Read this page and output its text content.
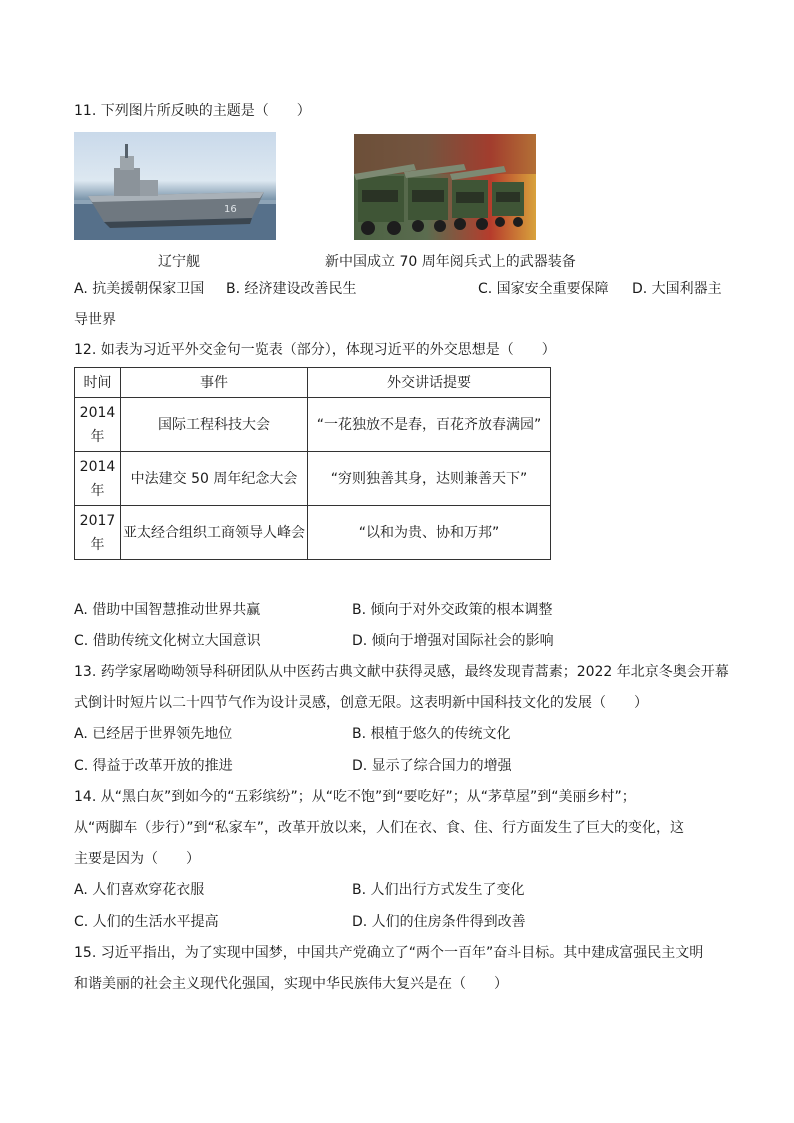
11. 下列图片所反映的主题是（　　）
16
辽宁舰	新中国成立 70 周年阅兵式上的武器装备
A. 抗美援朝保家卫国 B. 经济建设改善民生	C. 国家安全重要保障 D. 大国利器主
导世界
12. 如表为习近平外交金句一览表（部分），体现习近平的外交思想是（　　）
时间	事件	外交讲话提要
2014
年	国际工程科技大会	“一花独放不是春，百花齐放春满园”
2014
年	中法建交 50 周年纪念大会	“穷则独善其身，达则兼善天下”
2017
年	亚太经合组织工商领导人峰会	“以和为贵、协和万邦”
A. 借助中国智慧推动世界共赢	B. 倾向于对外交政策的根本调整
C. 借助传统文化树立大国意识	D. 倾向于增强对国际社会的影响
13. 药学家屠呦呦领导科研团队从中医药古典文献中获得灵感，最终发现青蒿素；2022 年北京冬奥会开幕
式倒计时短片以二十四节气作为设计灵感，创意无限。这表明新中国科技文化的发展（　　）
A. 已经居于世界领先地位	B. 根植于悠久的传统文化
C. 得益于改革开放的推进	D. 显示了综合国力的增强
14. 从“黑白灰”到如今的“五彩缤纷”；从“吃不饱”到“要吃好”；从“茅草屋”到“美丽乡村”；
从“两脚车（步行）”到“私家车”，改革开放以来，人们在衣、食、住、行方面发生了巨大的变化，这
主要是因为（　　）
A. 人们喜欢穿花衣服	B. 人们出行方式发生了变化
C. 人们的生活水平提高	D. 人们的住房条件得到改善
15. 习近平指出，为了实现中国梦，中国共产党确立了“两个一百年”奋斗目标。其中建成富强民主文明
和谐美丽的社会主义现代化强国，实现中华民族伟大复兴是在（　　）
